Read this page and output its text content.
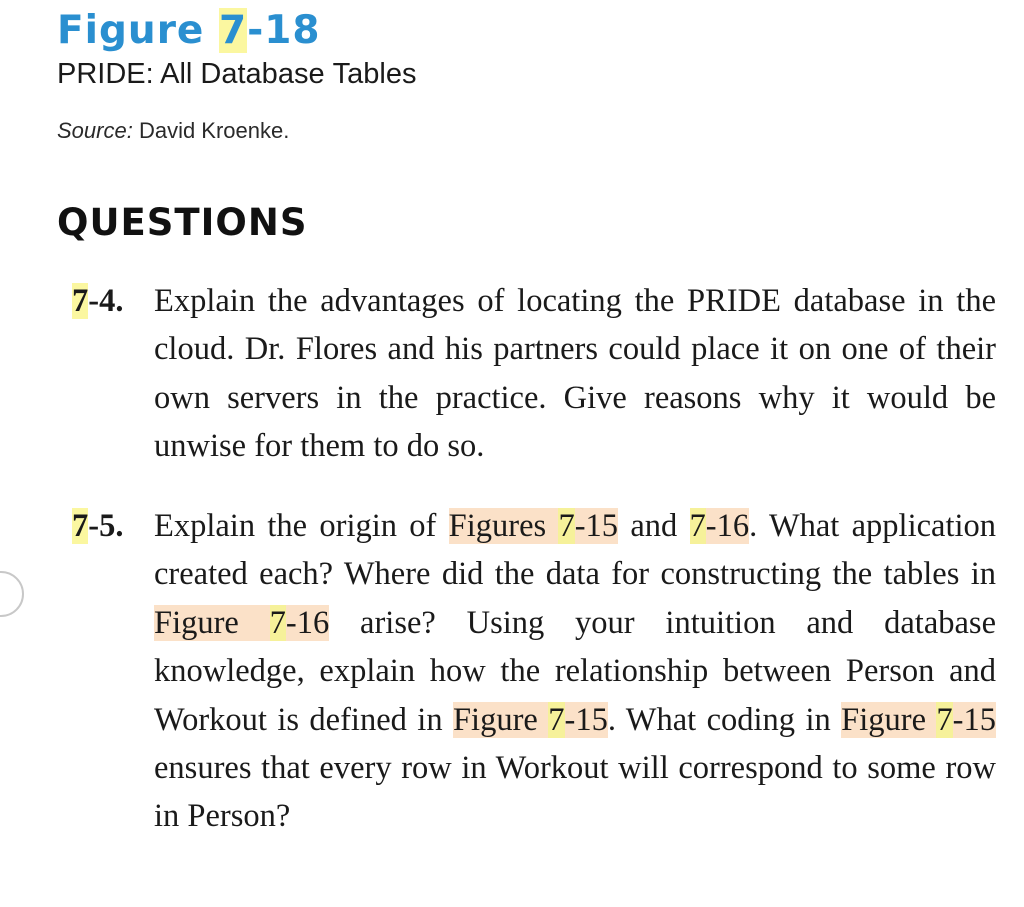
Figure 7-18
PRIDE: All Database Tables
Source: David Kroenke.
QUESTIONS
7-4. Explain the advantages of locating the PRIDE database in the cloud. Dr. Flores and his partners could place it on one of their own servers in the practice. Give reasons why it would be unwise for them to do so.
7-5. Explain the origin of Figures 7-15 and 7-16. What application created each? Where did the data for constructing the tables in Figure 7-16 arise? Using your intuition and database knowledge, explain how the relationship between Person and Workout is defined in Figure 7-15. What coding in Figure 7-15 ensures that every row in Workout will correspond to some row in Person?
